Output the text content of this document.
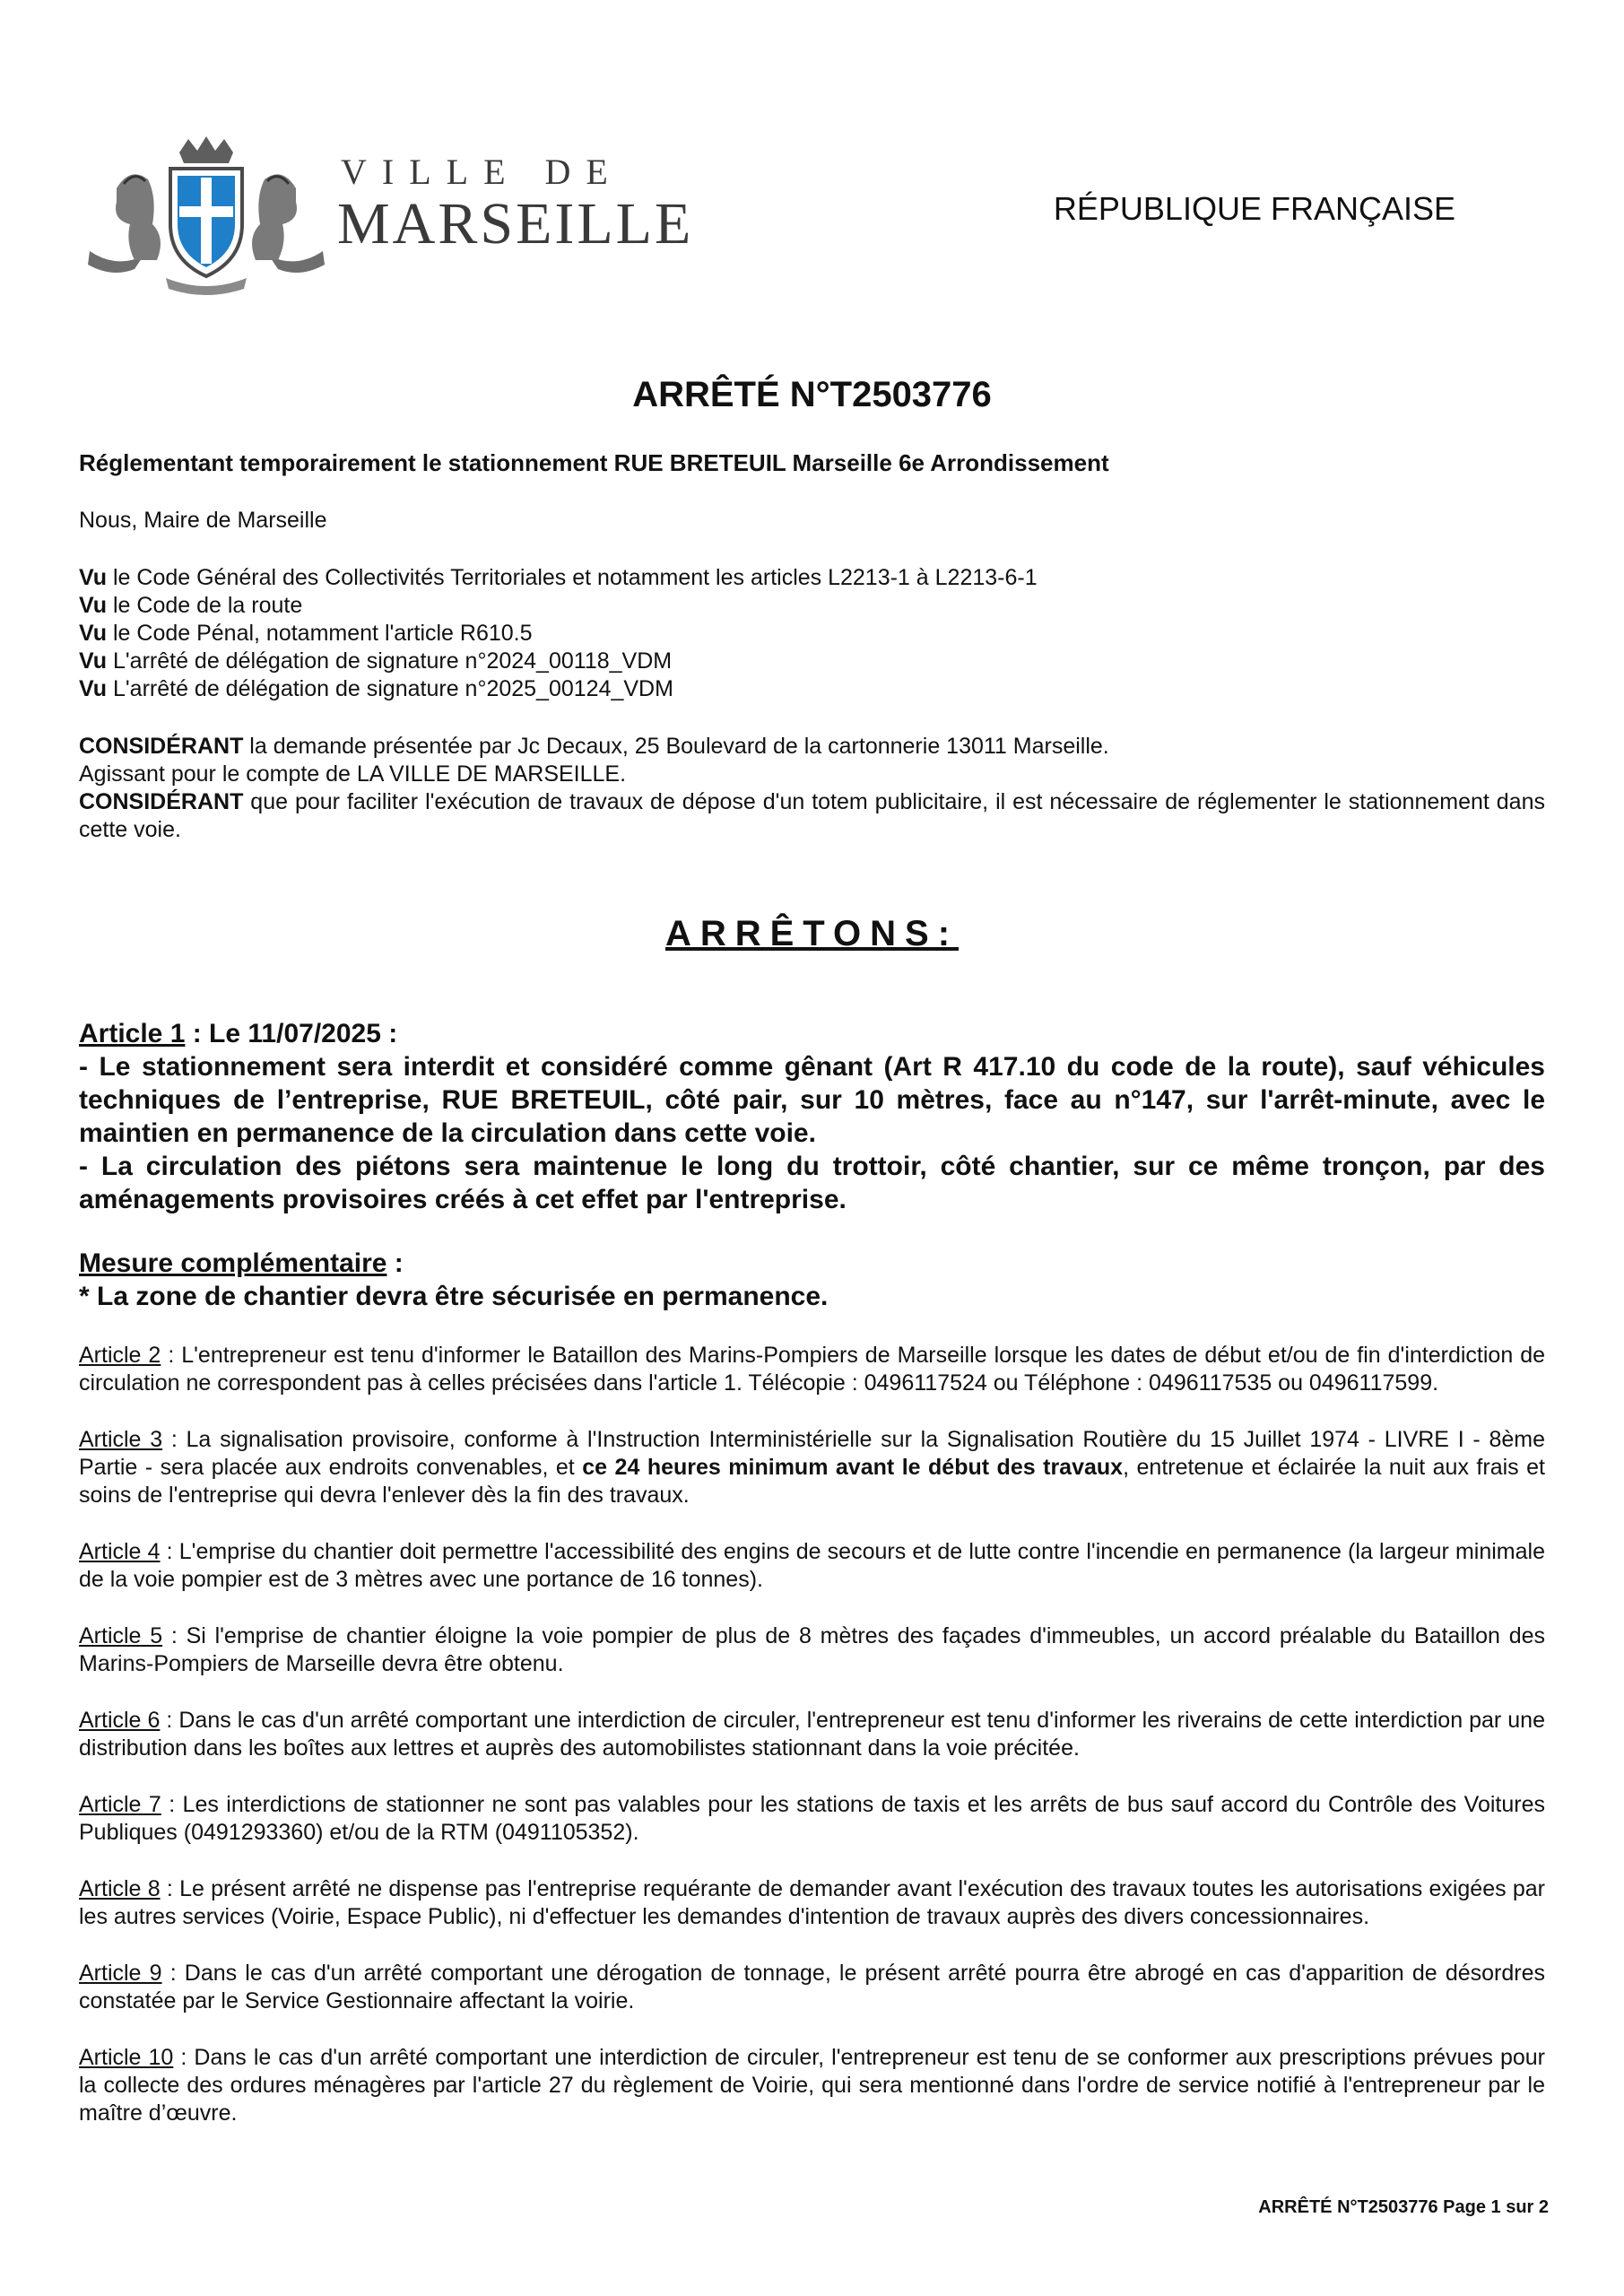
VILLE DE
MARSEILLE	RÉPUBLIQUE FRANÇAISE
ARRÊTÉ N°T2503776
Réglementant temporairement le stationnement RUE BRETEUIL Marseille 6e Arrondissement

Nous, Maire de Marseille

Vu le Code Général des Collectivités Territoriales et notamment les articles L2213-1 à L2213-6-1

Vu le Code de la route

Vu le Code Pénal, notamment l'article R610.5

Vu L'arrêté de délégation de signature n°2024_00118_VDM

Vu L'arrêté de délégation de signature n°2025_00124_VDM

CONSIDÉRANT la demande présentée par Jc Decaux, 25 Boulevard de la cartonnerie 13011 Marseille.

Agissant pour le compte de LA VILLE DE MARSEILLE.

CONSIDÉRANT que pour faciliter l'exécution de travaux de dépose d'un totem publicitaire, il est nécessaire de réglementer le stationnement dans cette voie.

ARRÊTONS:

Article 1 : Le 11/07/2025 :

- Le stationnement sera interdit et considéré comme gênant (Art R 417.10 du code de la route), sauf véhicules techniques de l’entreprise, RUE BRETEUIL, côté pair, sur 10 mètres, face au n°147, sur l'arrêt-minute, avec le maintien en permanence de la circulation dans cette voie.

- La circulation des piétons sera maintenue le long du trottoir, côté chantier, sur ce même tronçon, par des aménagements provisoires créés à cet effet par l'entreprise.

Mesure complémentaire :

* La zone de chantier devra être sécurisée en permanence.

Article 2 : L'entrepreneur est tenu d'informer le Bataillon des Marins-Pompiers de Marseille lorsque les dates de début et/ou de fin d'interdiction de circulation ne correspondent pas à celles précisées dans l'article 1. Télécopie : 0496117524 ou Téléphone : 0496117535 ou 0496117599.

Article 3 : La signalisation provisoire, conforme à l'Instruction Interministérielle sur la Signalisation Routière du 15 Juillet 1974 - LIVRE I - 8ème Partie - sera placée aux endroits convenables, et ce 24 heures minimum avant le début des travaux, entretenue et éclairée la nuit aux frais et soins de l'entreprise qui devra l'enlever dès la fin des travaux.

Article 4 : L'emprise du chantier doit permettre l'accessibilité des engins de secours et de lutte contre l'incendie en permanence (la largeur minimale de la voie pompier est de 3 mètres avec une portance de 16 tonnes).

Article 5 : Si l'emprise de chantier éloigne la voie pompier de plus de 8 mètres des façades d'immeubles, un accord préalable du Bataillon des Marins-Pompiers de Marseille devra être obtenu.

Article 6 : Dans le cas d'un arrêté comportant une interdiction de circuler, l'entrepreneur est tenu d'informer les riverains de cette interdiction par une distribution dans les boîtes aux lettres et auprès des automobilistes stationnant dans la voie précitée.

Article 7 : Les interdictions de stationner ne sont pas valables pour les stations de taxis et les arrêts de bus sauf accord du Contrôle des Voitures Publiques (0491293360) et/ou de la RTM (0491105352).

Article 8 : Le présent arrêté ne dispense pas l'entreprise requérante de demander avant l'exécution des travaux toutes les autorisations exigées par les autres services (Voirie, Espace Public), ni d'effectuer les demandes d'intention de travaux auprès des divers concessionnaires.

Article 9 : Dans le cas d'un arrêté comportant une dérogation de tonnage, le présent arrêté pourra être abrogé en cas d'apparition de désordres constatée par le Service Gestionnaire affectant la voirie.

Article 10 : Dans le cas d'un arrêté comportant une interdiction de circuler, l'entrepreneur est tenu de se conformer aux prescriptions prévues pour la collecte des ordures ménagères par l'article 27 du règlement de Voirie, qui sera mentionné dans l'ordre de service notifié à l'entrepreneur par le maître d’œuvre.

ARRÊTÉ N°T2503776 Page 1 sur 2
